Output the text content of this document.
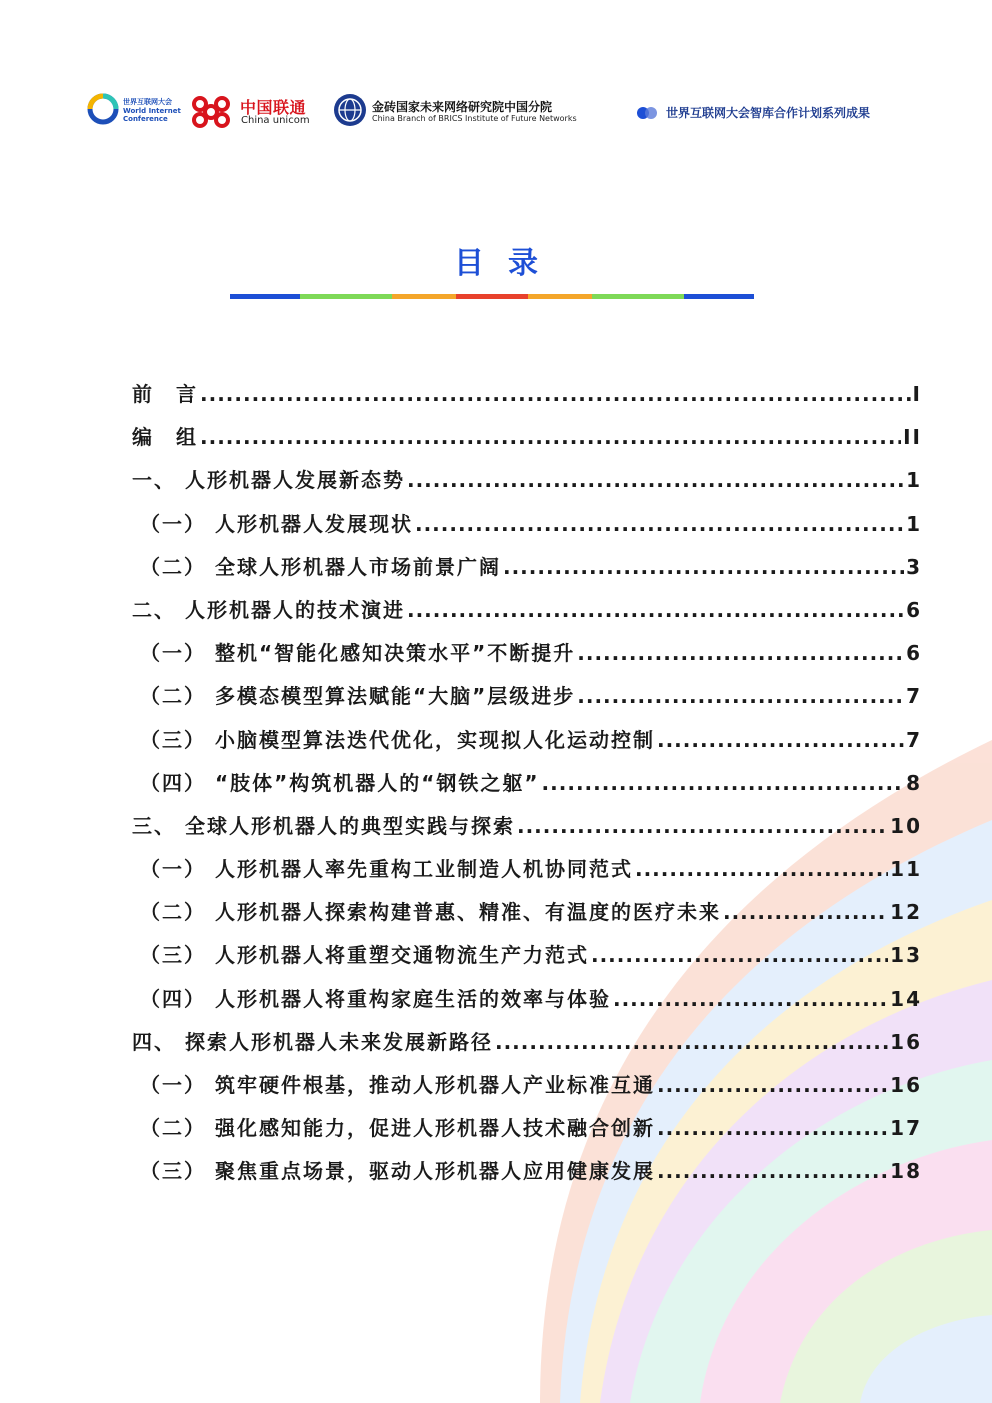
世界互联网大会
World Internet
Conference
中国联通
China unicom
金砖国家未来网络研究院中国分院
China Branch of BRICS Institute of Future Networks	世界互联网大会智库合作计划系列成果
目录
前　言 .....	I
编　组 .....	II
一、 人形机器人发展新态势 .....	1
（一） 人形机器人发展现状 .....	1
（二） 全球人形机器人市场前景广阔 .....	3
二、 人形机器人的技术演进 .....	6
（一） 整机“智能化感知决策水平”不断提升 .....	6
（二） 多模态模型算法赋能“大脑”层级进步 .....	7
（三） 小脑模型算法迭代优化，实现拟人化运动控制 .....	7
（四） “肢体”构筑机器人的“钢铁之躯” .....	8
三、 全球人形机器人的典型实践与探索 .....	10
（一） 人形机器人率先重构工业制造人机协同范式 .....	11
（二） 人形机器人探索构建普惠、精准、有温度的医疗未来 .....	12
（三） 人形机器人将重塑交通物流生产力范式 .....	13
（四） 人形机器人将重构家庭生活的效率与体验 .....	14
四、 探索人形机器人未来发展新路径 .....	16
（一） 筑牢硬件根基，推动人形机器人产业标准互通 .....	16
（二） 强化感知能力，促进人形机器人技术融合创新 .....	17
（三） 聚焦重点场景，驱动人形机器人应用健康发展 .....	18
